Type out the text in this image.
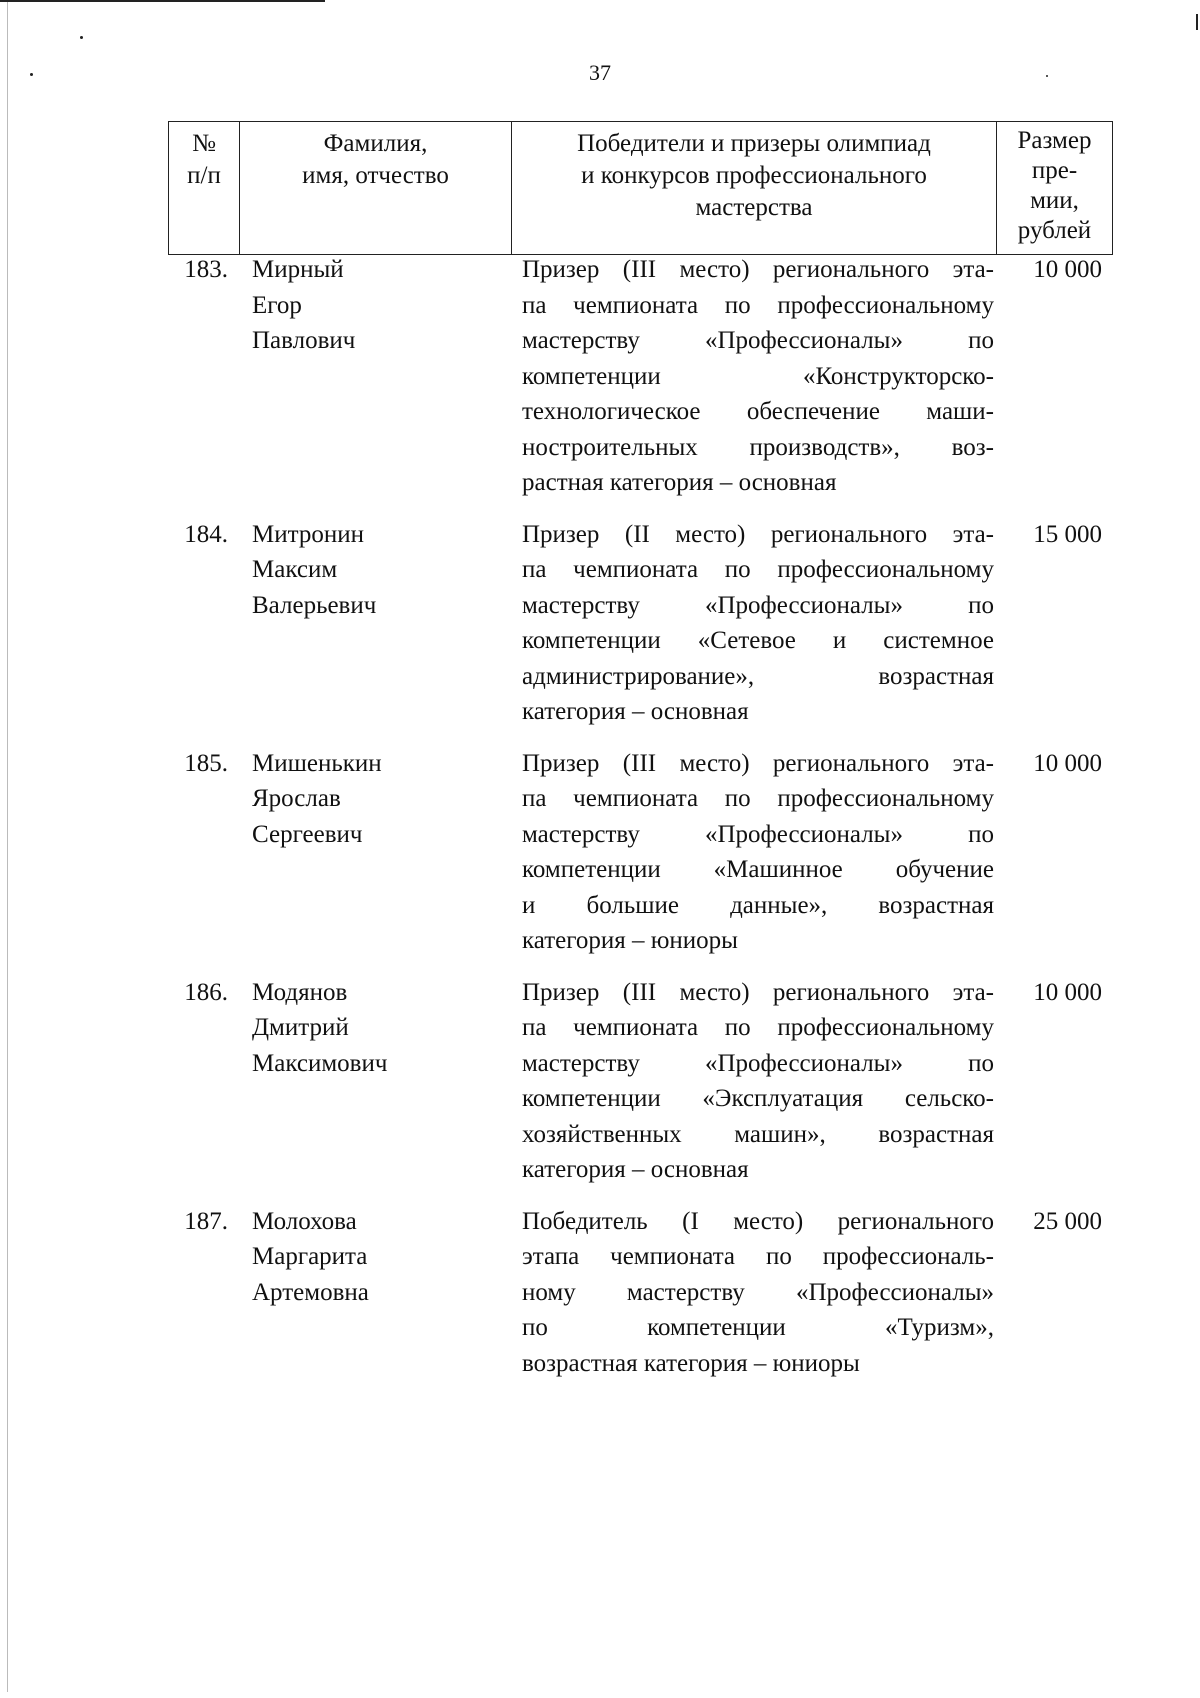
37
№
п/п
Фамилия,
имя, отчество
Победители и призеры олимпиад
и конкурсов профессионального
мастерства
Размер
пре-
мии,
рублей
183. Мирный
Егор
Павлович
Призер (III место) регионального эта-
па чемпионата по профессиональному
мастерству «Профессионалы» по
компетенции «Конструкторско-
технологическое обеспечение маши-
ностроительных производств», воз-
растная категория – основная
10 000
184. Митронин
Максим
Валерьевич
Призер (II место) регионального эта-
па чемпионата по профессиональному
мастерству «Профессионалы» по
компетенции «Сетевое и системное
администрирование», возрастная
категория – основная
15 000
185. Мишенькин
Ярослав
Сергеевич
Призер (III место) регионального эта-
па чемпионата по профессиональному
мастерству «Профессионалы» по
компетенции «Машинное обучение
и большие данные», возрастная
категория – юниоры
10 000
186. Модянов
Дмитрий
Максимович
Призер (III место) регионального эта-
па чемпионата по профессиональному
мастерству «Профессионалы» по
компетенции «Эксплуатация сельско-
хозяйственных машин», возрастная
категория – основная
10 000
187. Молохова
Маргарита
Артемовна
Победитель (I место) регионального
этапа чемпионата по профессиональ-
ному мастерству «Профессионалы»
по компетенции «Туризм»,
возрастная категория – юниоры
25 000
